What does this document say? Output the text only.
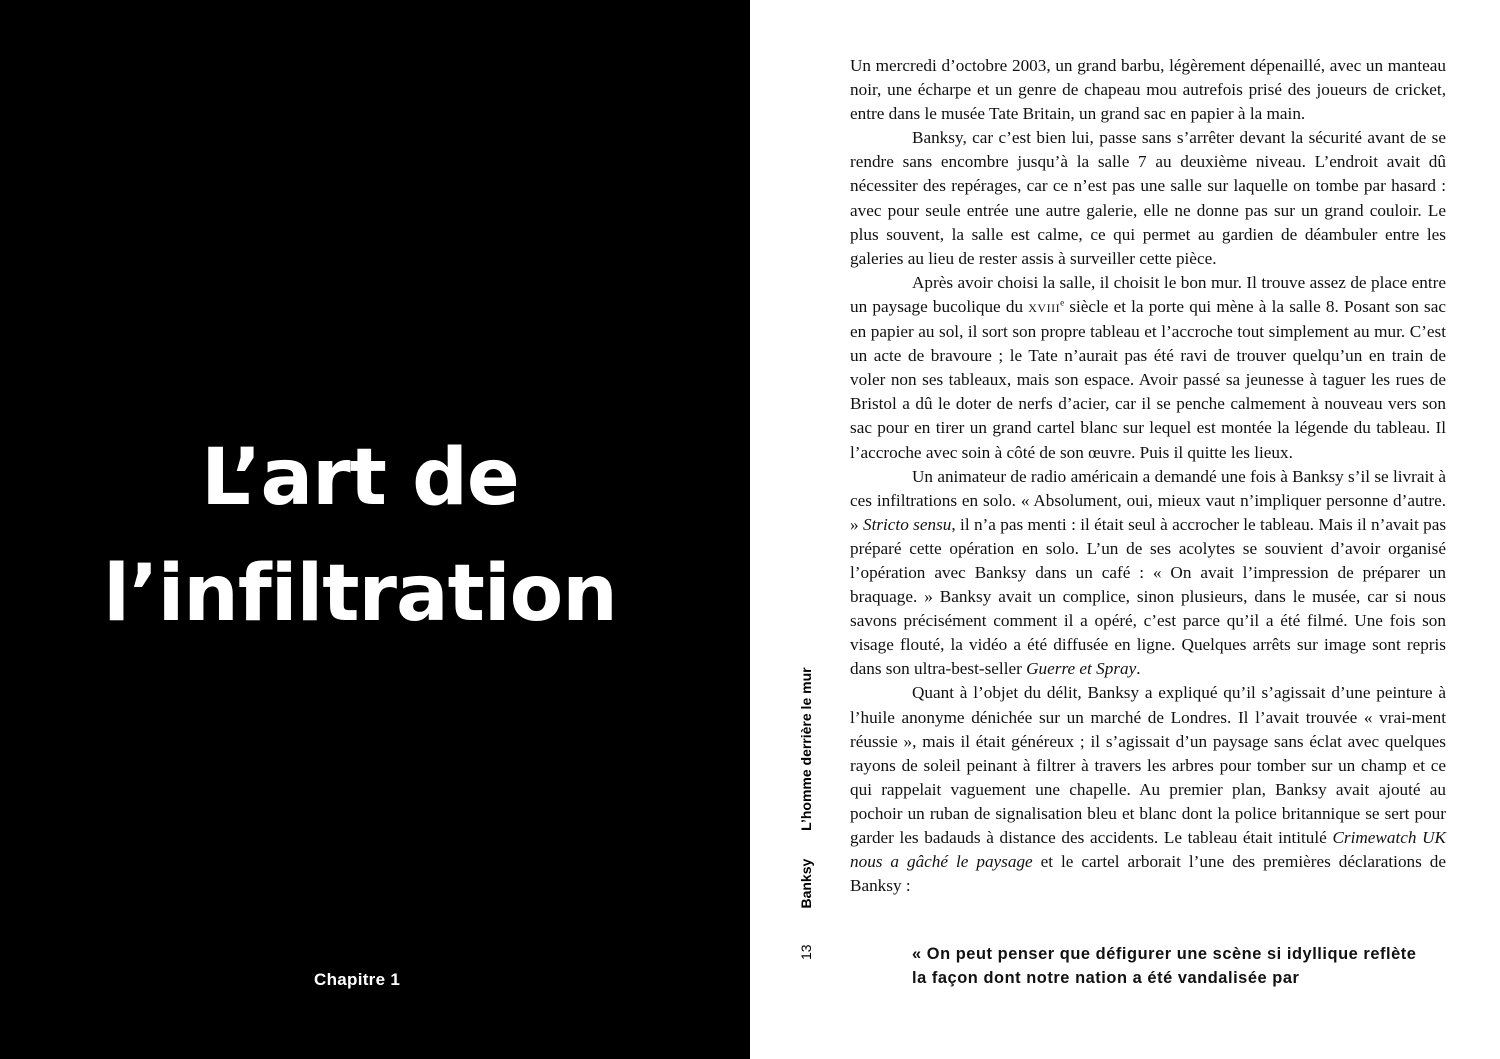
L’art de
l’infiltration
Chapitre 1
13 Banksy L’homme derrière le mur

Un mercredi d’octobre 2003, un grand barbu, légèrement dépenaillé, avec un manteau noir, une écharpe et un genre de chapeau mou autrefois prisé des joueurs de cricket, entre dans le musée Tate Britain, un grand sac en papier à la main.

Banksy, car c’est bien lui, passe sans s’arrêter devant la sécurité avant de se rendre sans encombre jusqu’à la salle 7 au deuxième niveau. L’endroit avait dû nécessiter des repérages, car ce n’est pas une salle sur laquelle on tombe par hasard : avec pour seule entrée une autre galerie, elle ne donne pas sur un grand couloir. Le plus souvent, la salle est calme, ce qui permet au gardien de déambuler entre les galeries au lieu de rester assis à surveiller cette pièce.

Après avoir choisi la salle, il choisit le bon mur. Il trouve assez de place entre un paysage bucolique du XVIIIe siècle et la porte qui mène à la salle 8. Posant son sac en papier au sol, il sort son propre tableau et l’accroche tout simplement au mur. C’est un acte de bravoure ; le Tate n’aurait pas été ravi de trouver quelqu’un en train de voler non ses tableaux, mais son espace. Avoir passé sa jeunesse à taguer les rues de Bristol a dû le doter de nerfs d’acier, car il se penche calmement à nouveau vers son sac pour en tirer un grand cartel blanc sur lequel est montée la légende du tableau. Il l’accroche avec soin à côté de son œuvre. Puis il quitte les lieux.

Un animateur de radio américain a demandé une fois à Banksy s’il se livrait à ces infiltrations en solo. « Absolument, oui, mieux vaut n’impliquer personne d’autre. » Stricto sensu, il n’a pas menti : il était seul à accrocher le tableau. Mais il n’avait pas préparé cette opération en solo. L’un de ses acolytes se souvient d’avoir organisé l’opération avec Banksy dans un café : « On avait l’impression de préparer un braquage. » Banksy avait un complice, sinon plusieurs, dans le musée, car si nous savons précisément comment il a opéré, c’est parce qu’il a été filmé. Une fois son visage flouté, la vidéo a été diffusée en ligne. Quelques arrêts sur image sont repris dans son ultra-best-seller Guerre et Spray.

Quant à l’objet du délit, Banksy a expliqué qu’il s’agissait d’une peinture à l’huile anonyme dénichée sur un marché de Londres. Il l’avait trouvée « vrai-ment réussie », mais il était généreux ; il s’agissait d’un paysage sans éclat avec quelques rayons de soleil peinant à filtrer à travers les arbres pour tomber sur un champ et ce qui rappelait vaguement une chapelle. Au premier plan, Banksy avait ajouté au pochoir un ruban de signalisation bleu et blanc dont la police britannique se sert pour garder les badauds à distance des accidents. Le tableau était intitulé Crimewatch UK nous a gâché le paysage et le cartel arborait l’une des premières déclarations de Banksy :

« On peut penser que défigurer une scène si idyllique reflète la façon dont notre nation a été vandalisée par
